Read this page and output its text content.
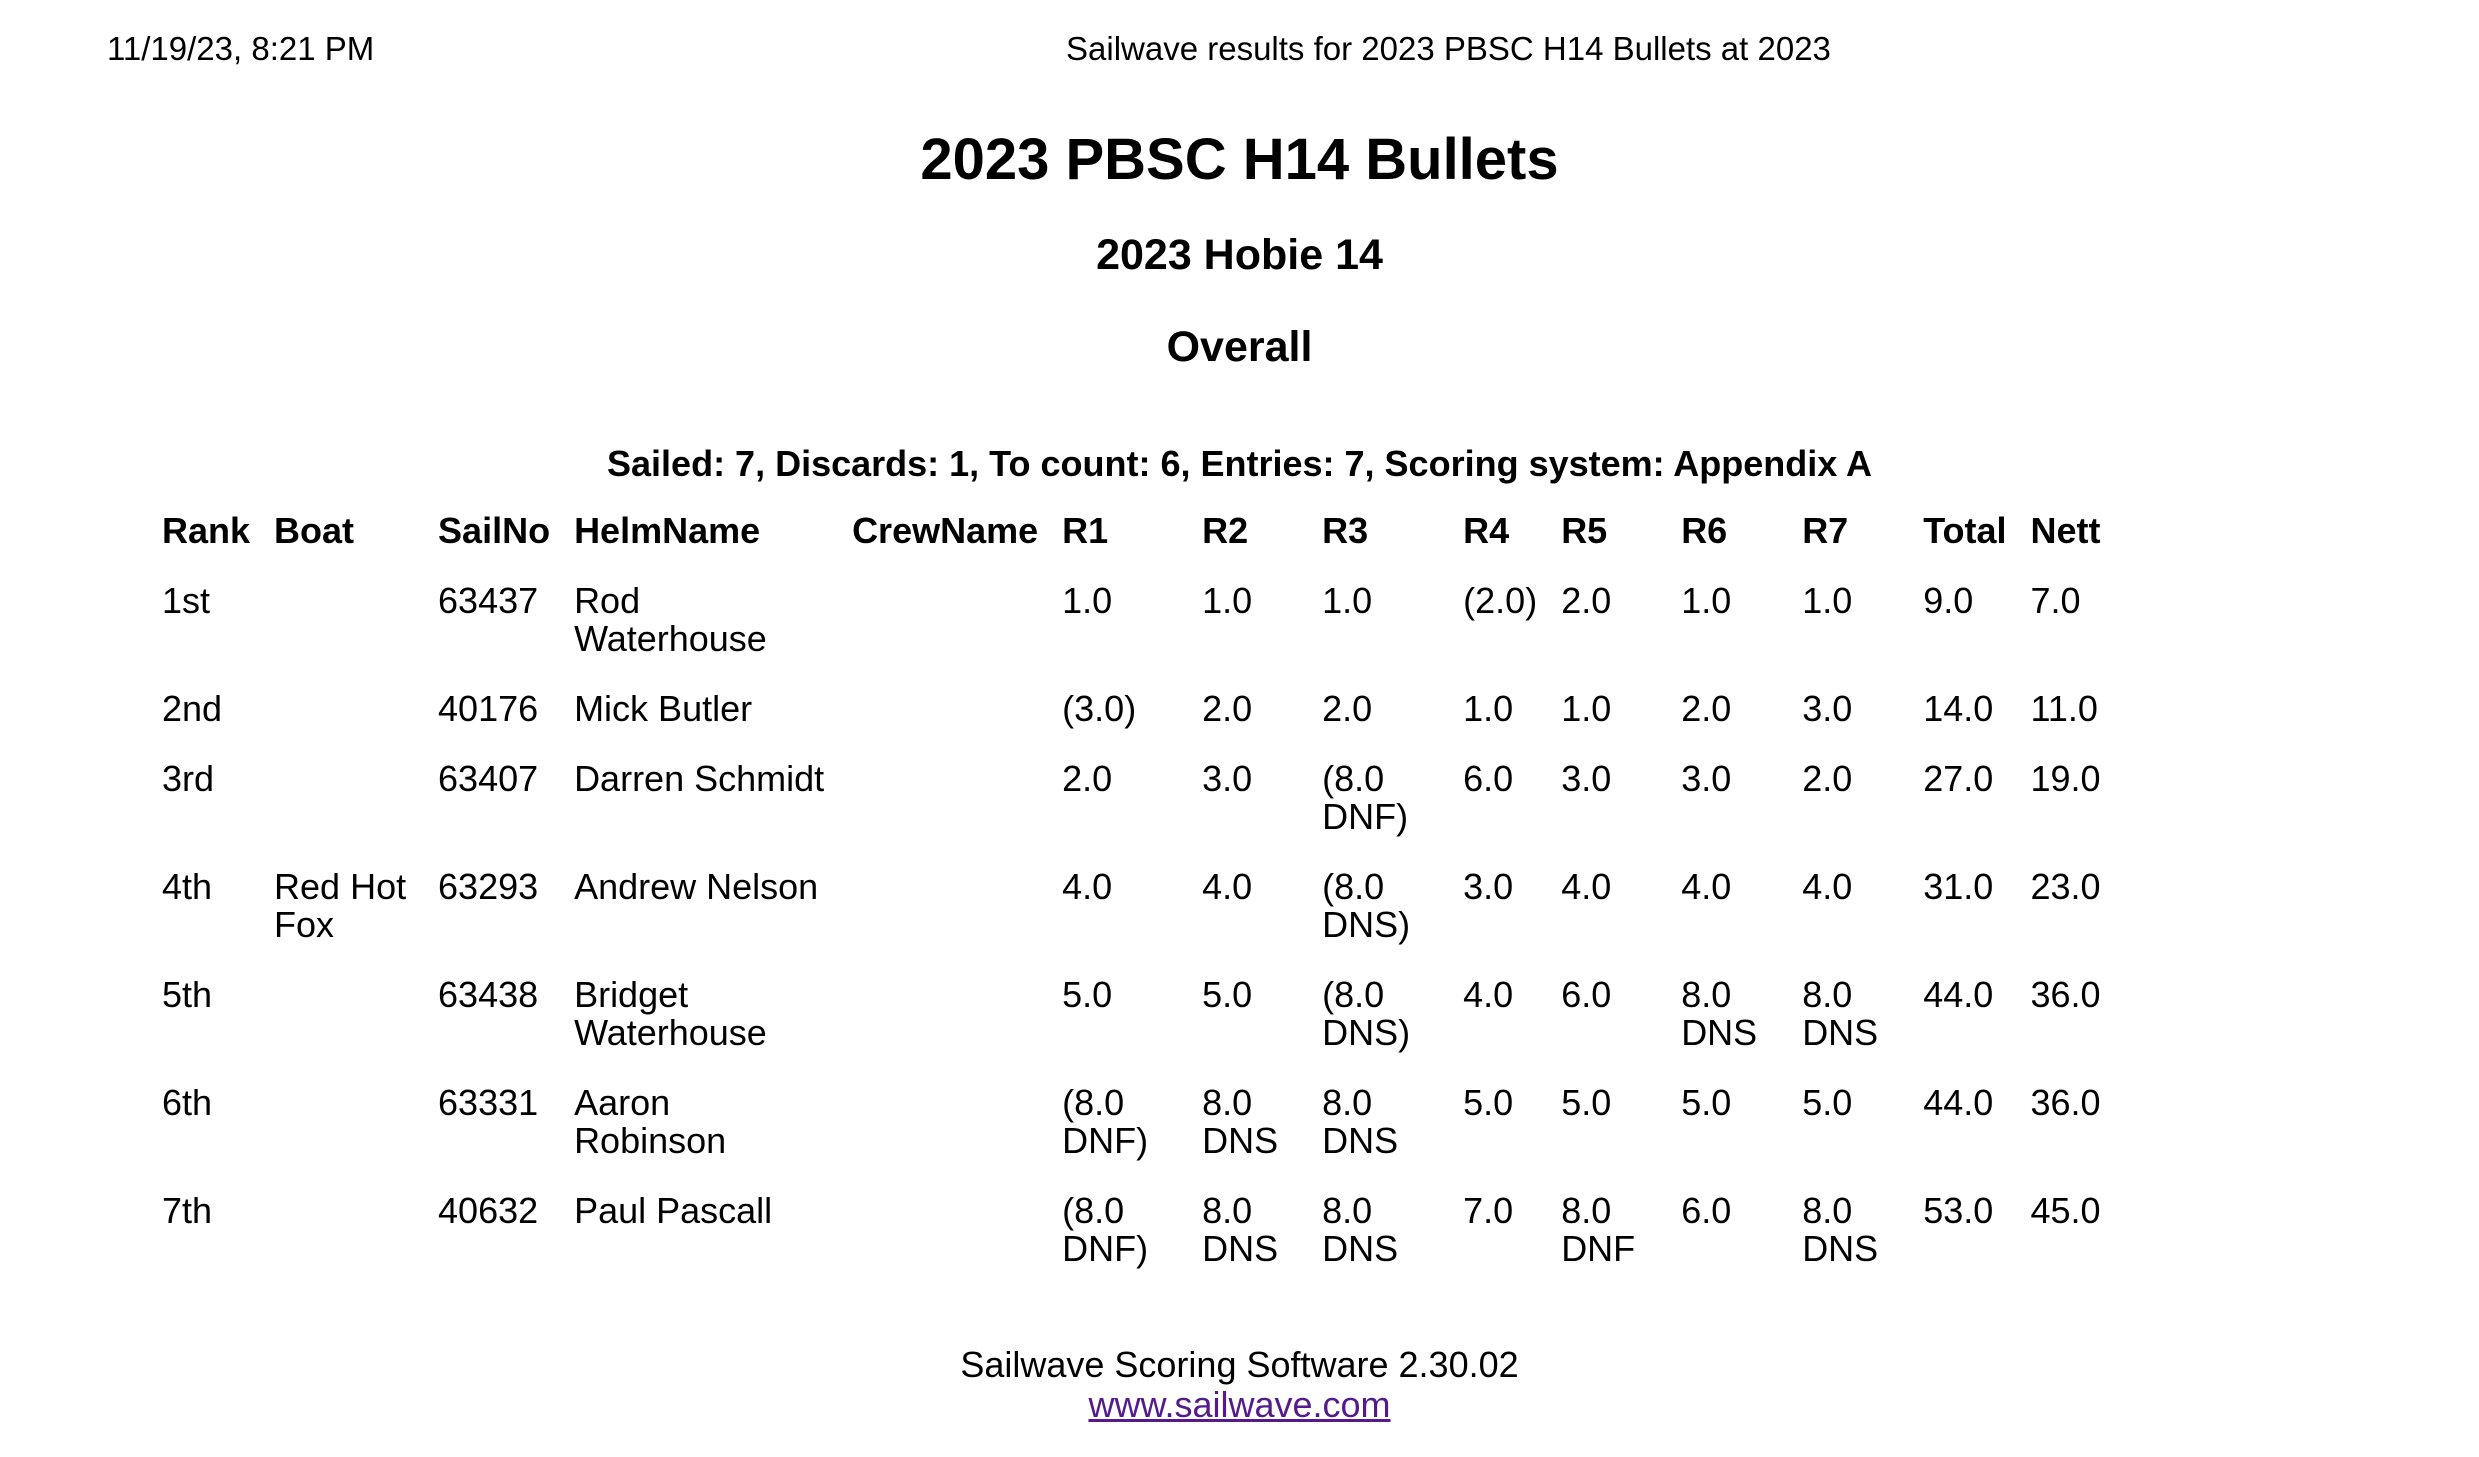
11/19/23, 8:21 PM	Sailwave results for 2023 PBSC H14 Bullets at 2023
2023 PBSC H14 Bullets
2023 Hobie 14
Overall
Sailed: 7, Discards: 1, To count: 6, Entries: 7, Scoring system: Appendix A
Rank	Boat	SailNo	HelmName	CrewName	R1	R2	R3	R4	R5	R6	R7	Total	Nett
1st		63437	Rod Waterhouse		1.0	1.0	1.0	(2.0)	2.0	1.0	1.0	9.0	7.0
2nd		40176	Mick Butler		(3.0)	2.0	2.0	1.0	1.0	2.0	3.0	14.0	11.0
3rd		63407	Darren Schmidt		2.0	3.0	(8.0 DNF)	6.0	3.0	3.0	2.0	27.0	19.0
4th	Red Hot Fox	63293	Andrew Nelson		4.0	4.0	(8.0 DNS)	3.0	4.0	4.0	4.0	31.0	23.0
5th		63438	Bridget Waterhouse		5.0	5.0	(8.0 DNS)	4.0	6.0	8.0 DNS	8.0 DNS	44.0	36.0
6th		63331	Aaron Robinson		(8.0 DNF)	8.0 DNS	8.0 DNS	5.0	5.0	5.0	5.0	44.0	36.0
7th		40632	Paul Pascall		(8.0 DNF)	8.0 DNS	8.0 DNS	7.0	8.0 DNF	6.0	8.0 DNS	53.0	45.0
Sailwave Scoring Software 2.30.02
www.sailwave.com
